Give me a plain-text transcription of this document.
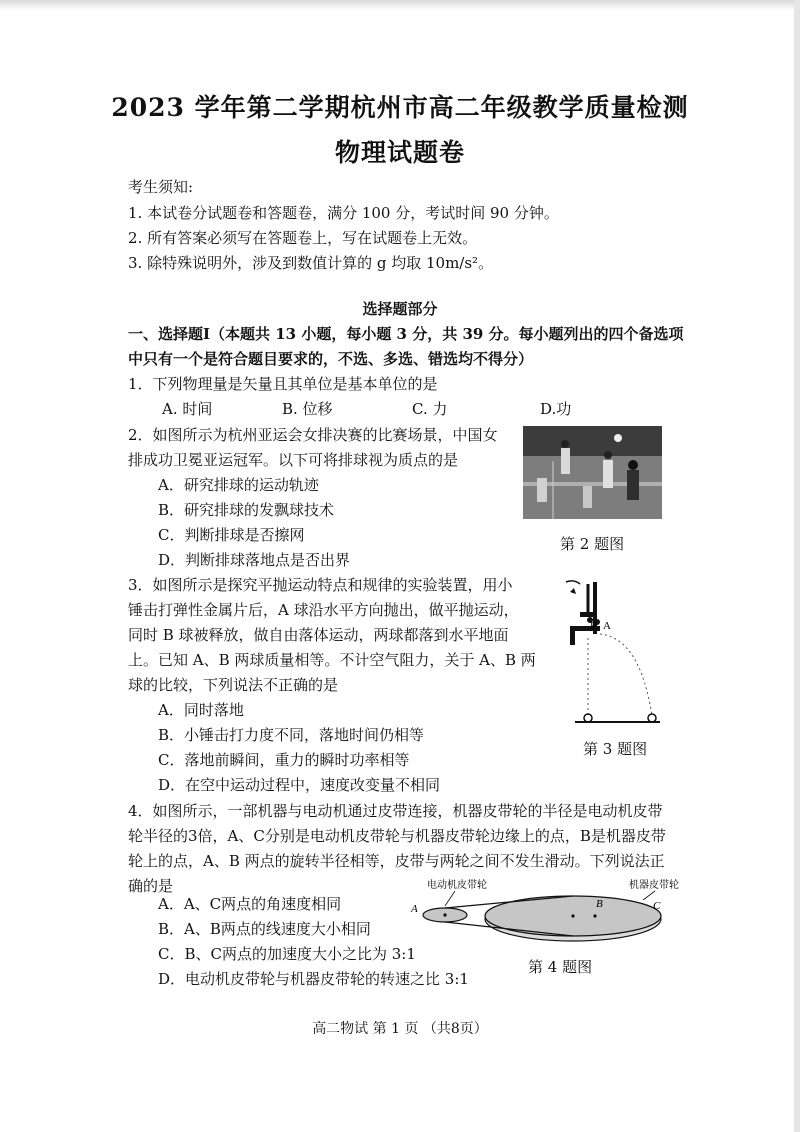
2023 学年第二学期杭州市高二年级教学质量检测
物理试题卷
考生须知:
1. 本试卷分试题卷和答题卷，满分 100 分，考试时间 90 分钟。
2. 所有答案必须写在答题卷上，写在试题卷上无效。
3. 除特殊说明外，涉及到数值计算的 g 均取 10m/s²。
选择题部分
一、选择题I（本题共 13 小题，每小题 3 分，共 39 分。每小题列出的四个备选项
中只有一个是符合题目要求的，不选、多选、错选均不得分）
1．下列物理量是矢量且其单位是基本单位的是
A. 时间	B. 位移	C. 力	D.功
2．如图所示为杭州亚运会女排决赛的比赛场景，中国女
排成功卫冕亚运冠军。以下可将排球视为质点的是
A．研究排球的运动轨迹
B．研究排球的发飘球技术
C．判断排球是否擦网
D．判断排球落地点是否出界
第 2 题图
3．如图所示是探究平抛运动特点和规律的实验装置，用小
锤击打弹性金属片后，A 球沿水平方向抛出，做平抛运动，
同时 B 球被释放，做自由落体运动，两球都落到水平地面
上。已知 A、B 两球质量相等。不计空气阻力，关于 A、B 两
球的比较，下列说法不正确的是
A．同时落地
B．小锤击打力度不同，落地时间仍相等
C．落地前瞬间，重力的瞬时功率相等
D．在空中运动过程中，速度改变量不相同
B A
第 3 题图
4．如图所示，一部机器与电动机通过皮带连接，机器皮带轮的半径是电动机皮带
轮半径的3倍，A、C分别是电动机皮带轮与机器皮带轮边缘上的点，B是机器皮带
轮上的点，A、B 两点的旋转半径相等，皮带与两轮之间不发生滑动。下列说法正
确的是
A．A、C两点的角速度相同
B．A、B两点的线速度大小相同
C．B、C两点的加速度大小之比为 3:1
D．电动机皮带轮与机器皮带轮的转速之比 3:1
电动机皮带轮	机器皮带轮
A	B	C
第 4 题图
高二物试 第 1 页 （共8页）
